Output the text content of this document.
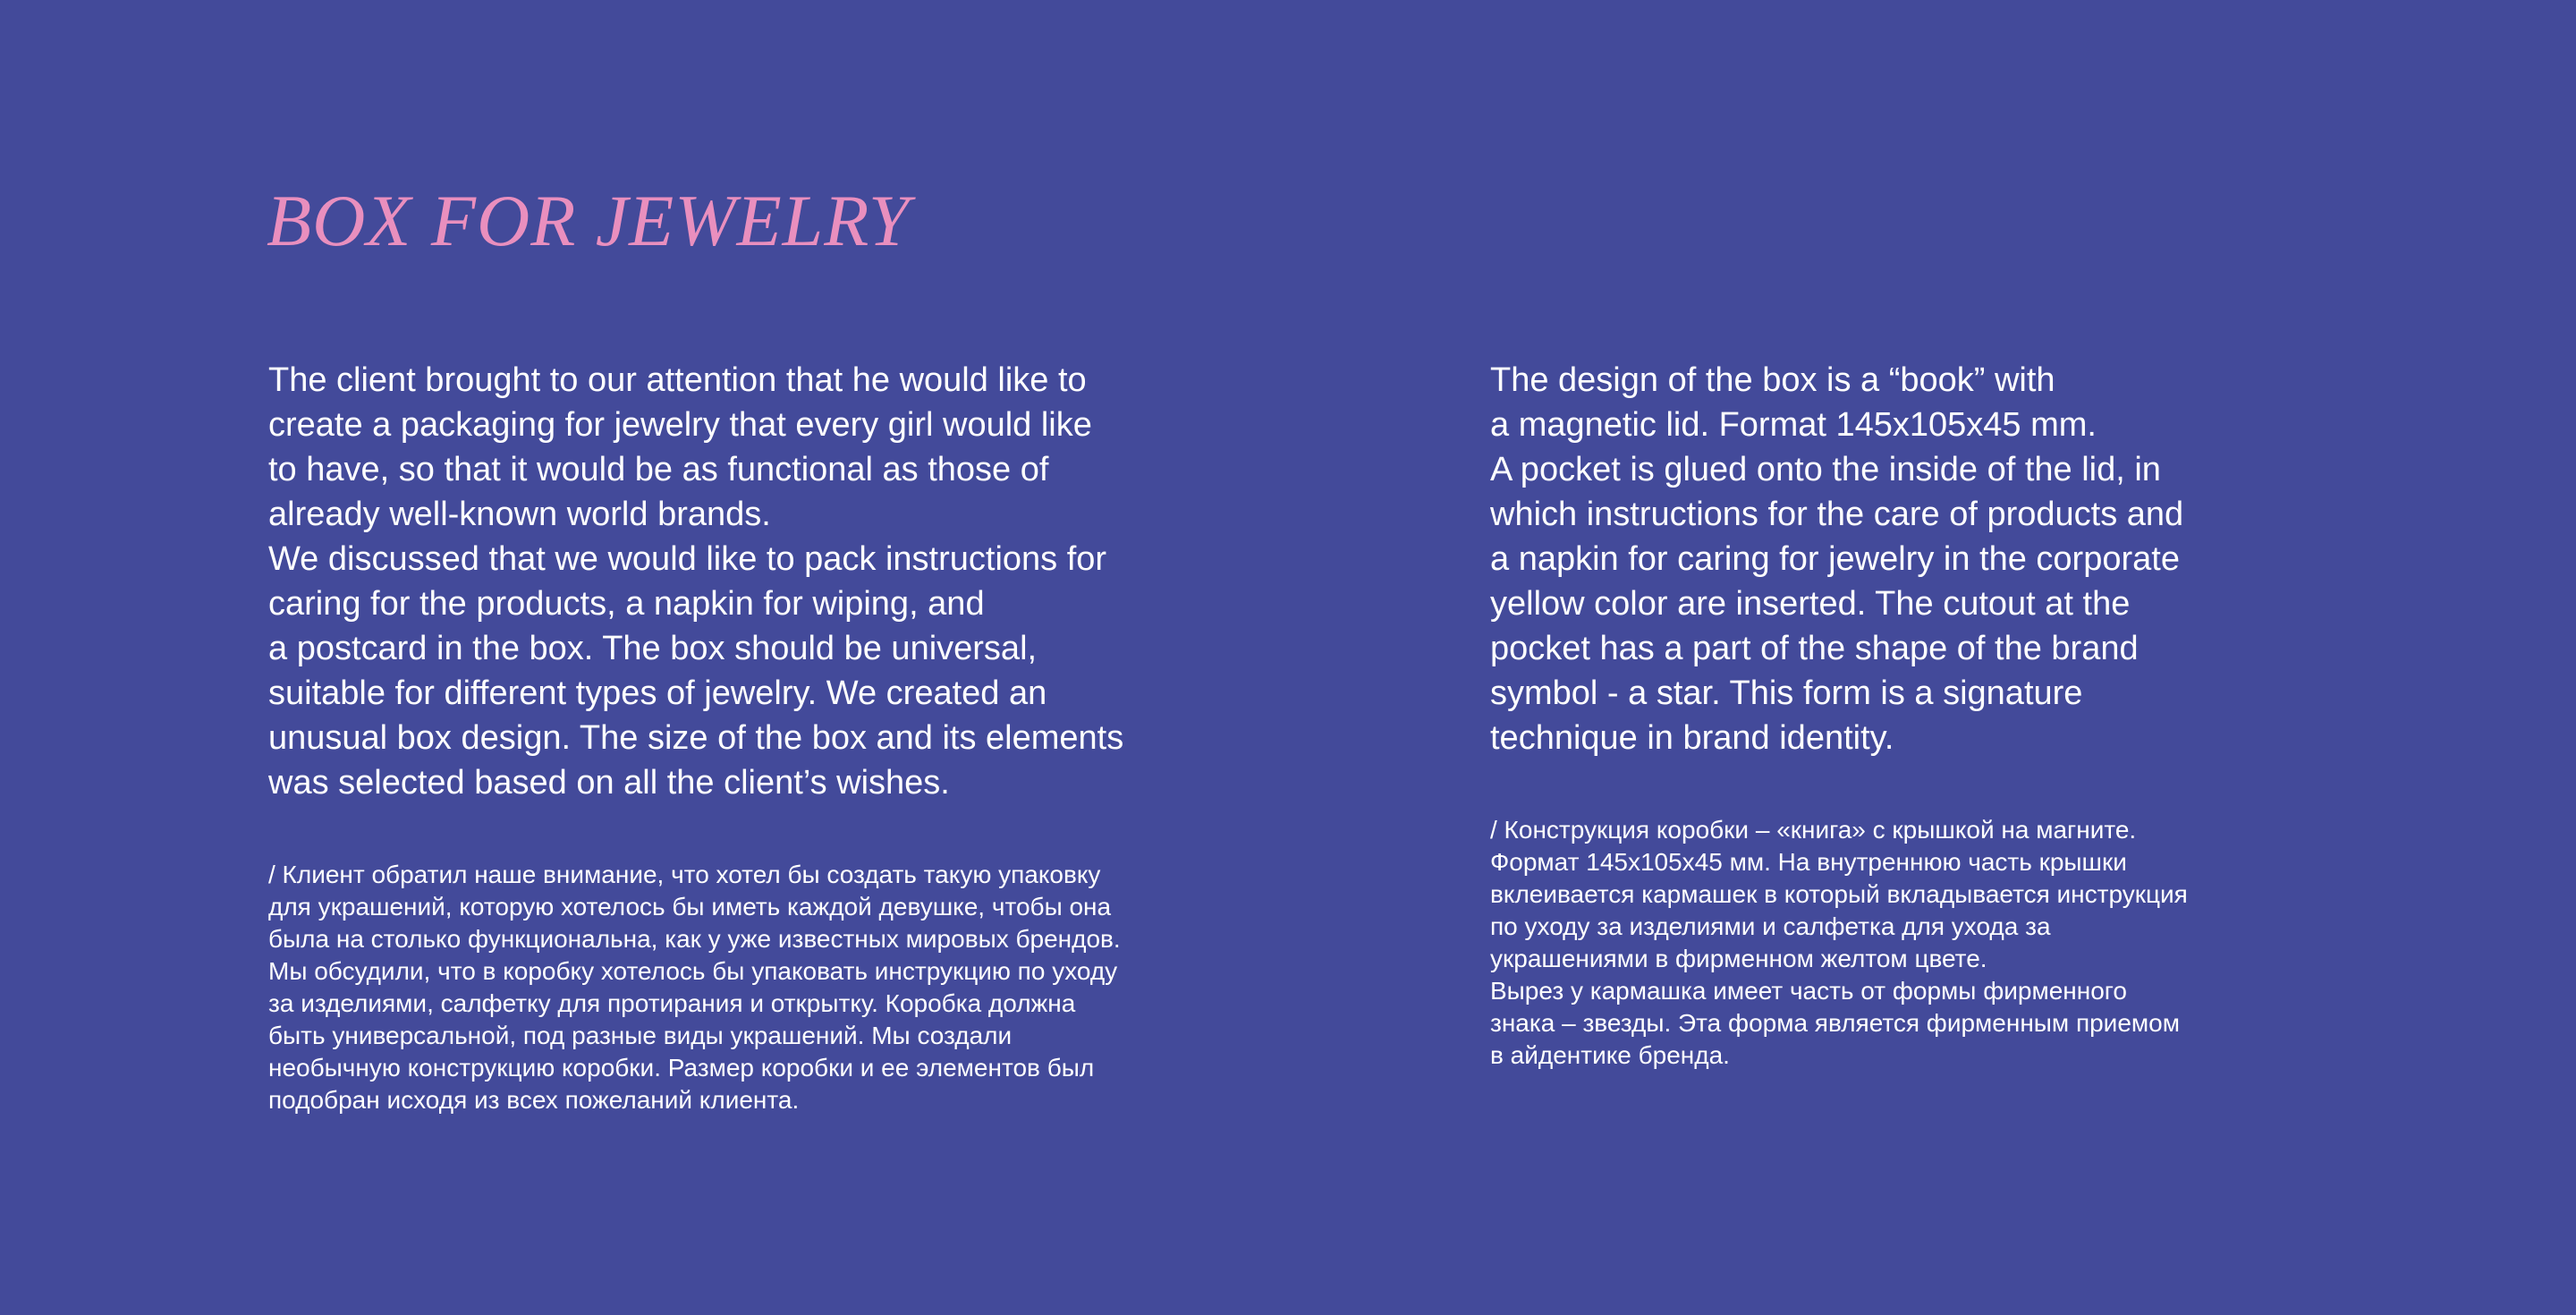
BOX FOR JEWELRY
The client brought to our attention that he would like to
create a packaging for jewelry that every girl would like
to have, so that it would be as functional as those of
already well-known world brands.
We discussed that we would like to pack instructions for
caring for the products, a napkin for wiping, and
a postcard in the box. The box should be universal,
suitable for different types of jewelry. We created an
unusual box design. The size of the box and its elements
was selected based on all the client’s wishes.
/ Клиент обратил наше внимание, что хотел бы создать такую упаковку
для украшений, которую хотелось бы иметь каждой девушке, чтобы она
была на столько функциональна, как у уже известных мировых брендов.
Мы обсудили, что в коробку хотелось бы упаковать инструкцию по уходу
за изделиями, салфетку для протирания и открытку. Коробка должна
быть универсальной, под разные виды украшений. Мы создали
необычную конструкцию коробки. Размер коробки и ее элементов был
подобран исходя из всех пожеланий клиента.
The design of the box is a “book” with
a magnetic lid. Format 145x105x45 mm.
A pocket is glued onto the inside of the lid, in
which instructions for the care of products and
a napkin for caring for jewelry in the corporate
yellow color are inserted. The cutout at the
pocket has a part of the shape of the brand
symbol - a star. This form is a signature
technique in brand identity.
/ Конструкция коробки – «книга» с крышкой на магните.
Формат 145х105х45 мм. На внутреннюю часть крышки
вклеивается кармашек в который вкладывается инструкция
по уходу за изделиями и салфетка для ухода за
украшениями в фирменном желтом цвете.
Вырез у кармашка имеет часть от формы фирменного
знака – звезды. Эта форма является фирменным приемом
в айдентике бренда.
